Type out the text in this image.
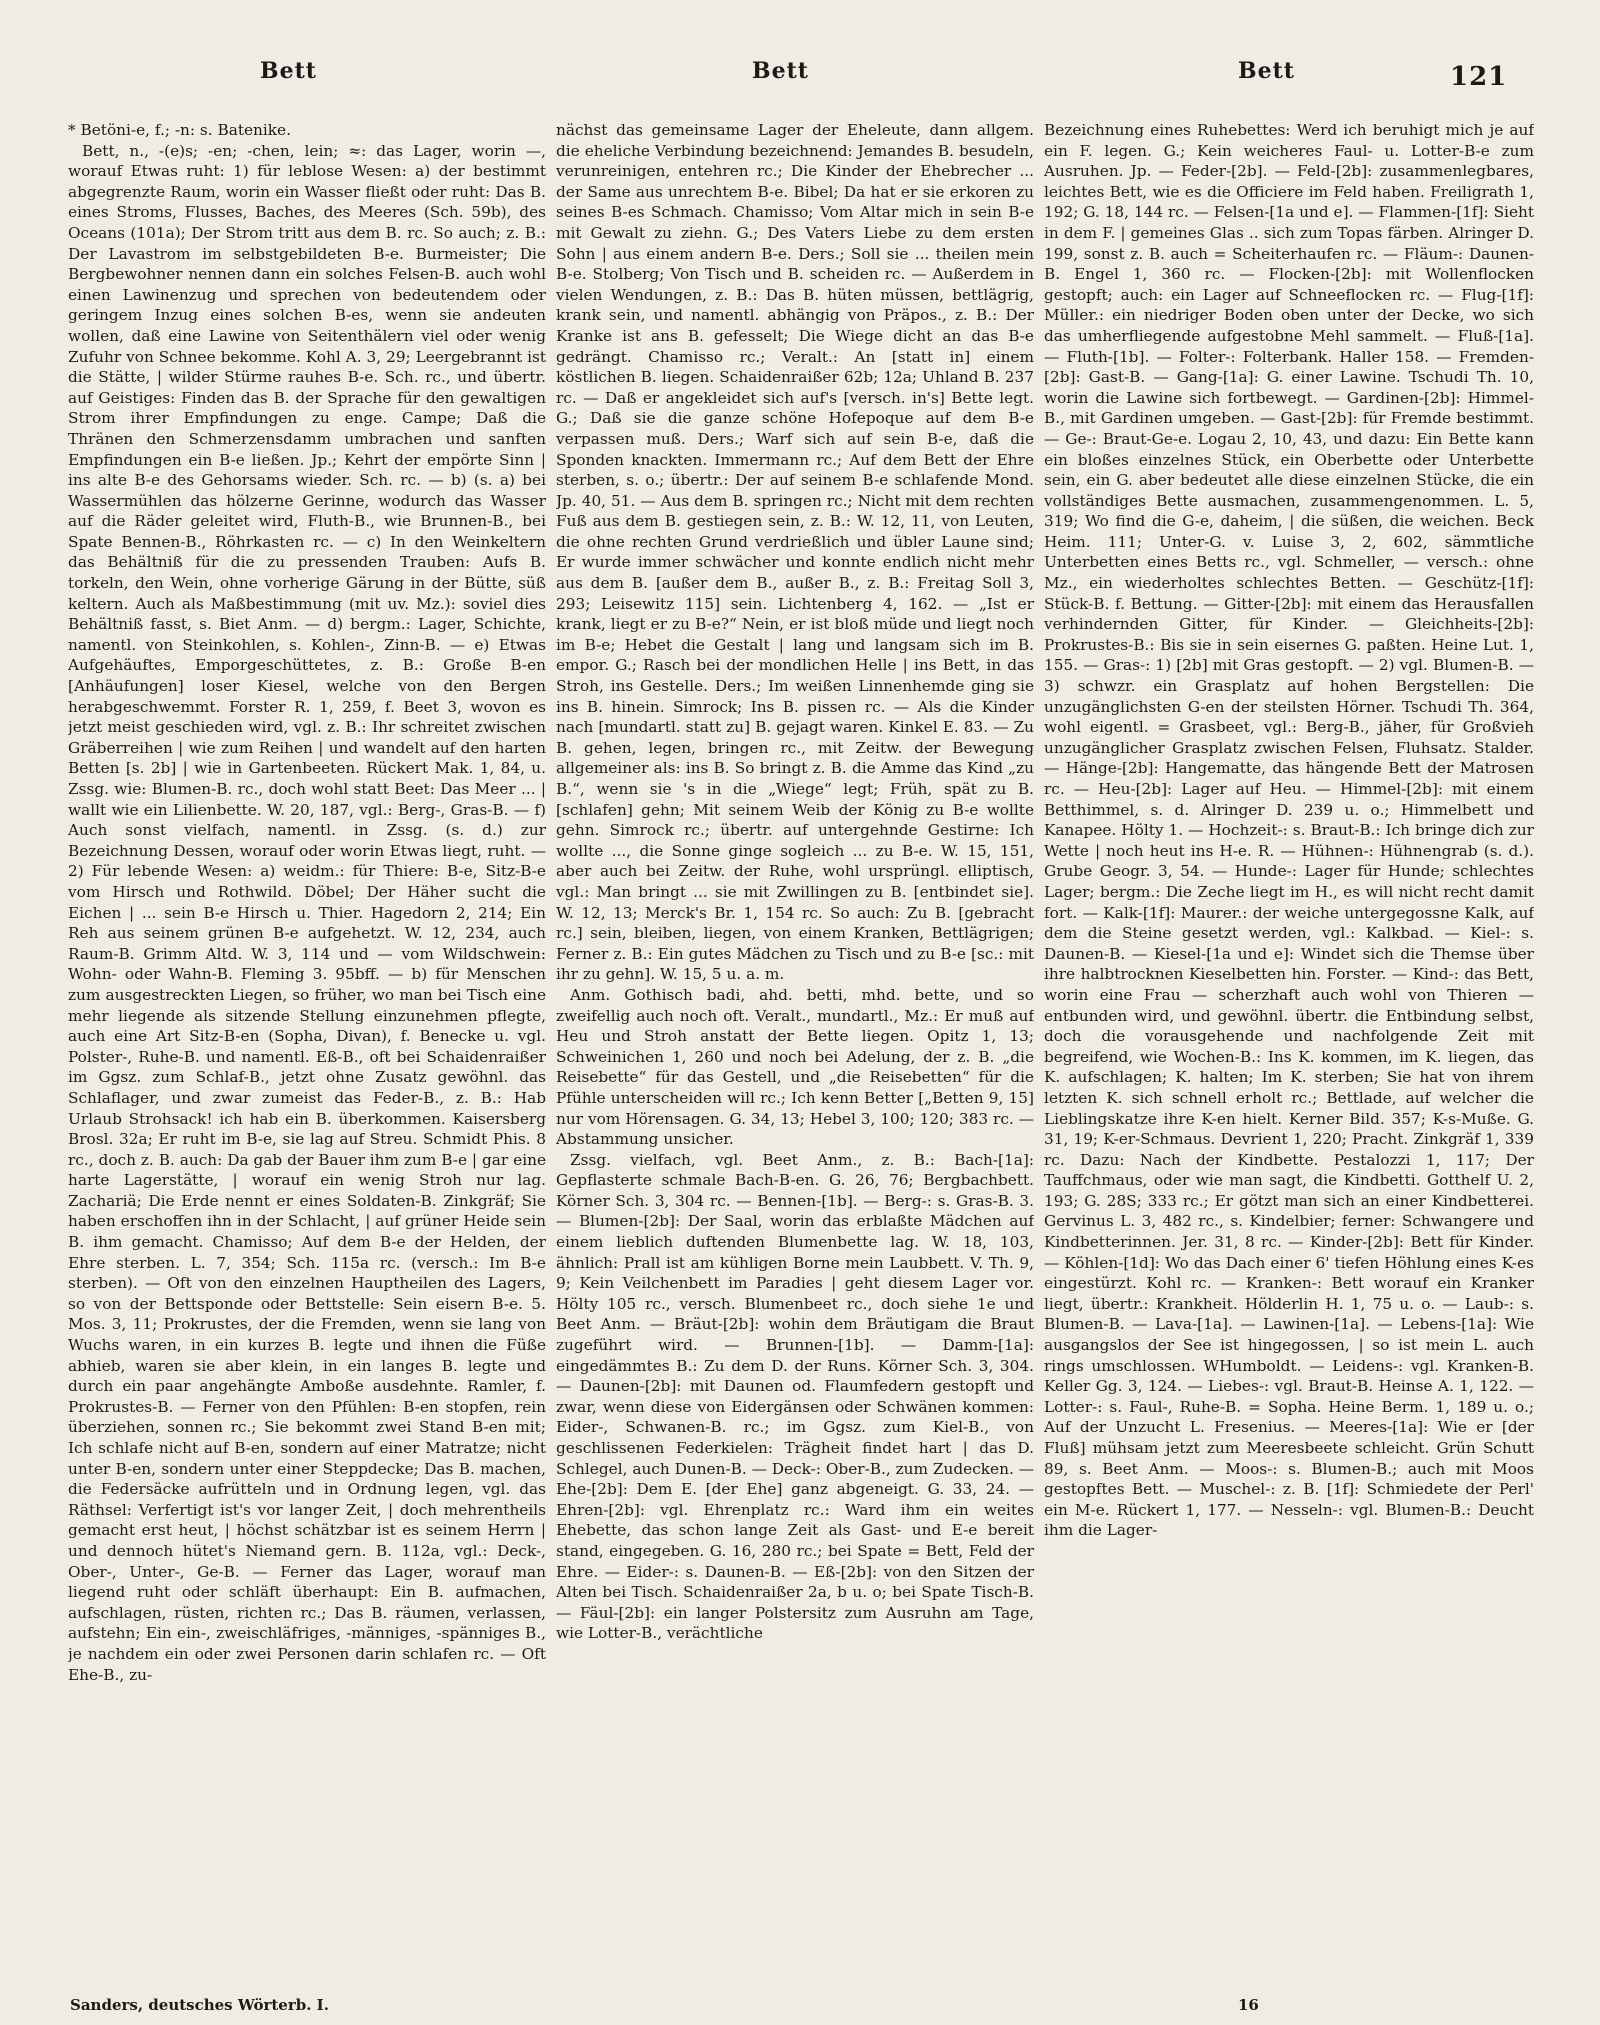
Bett	Bett	Bett	121

* Betöni-e, f.; -n: s. Batenike.

Bett, n., -(e)s; -en; -chen, lein; ≈: das Lager, worin —, worauf Etwas ruht: 1) für leblose Wesen: a) der bestimmt abgegrenzte Raum, worin ein Wasser fließt oder ruht: Das B. eines Stroms, Flusses, Baches, des Meeres (Sch. 59b), des Oceans (101a); Der Strom tritt aus dem B. rc. So auch; z. B.: Der Lavastrom im selbstgebildeten B-e. Burmeister; Die Bergbewohner nennen dann ein solches Felsen-B. auch wohl einen Lawinenzug und sprechen von bedeutendem oder geringem Inzug eines solchen B-es, wenn sie andeuten wollen, daß eine Lawine von Seitenthälern viel oder wenig Zufuhr von Schnee bekomme. Kohl A. 3, 29; Leergebrannt ist die Stätte, | wilder Stürme rauhes B-e. Sch. rc., und übertr. auf Geistiges: Finden das B. der Sprache für den gewaltigen Strom ihrer Empfindungen zu enge. Campe; Daß die Thränen den Schmerzensdamm umbrachen und sanften Empfindungen ein B-e ließen. Jp.; Kehrt der empörte Sinn | ins alte B-e des Gehorsams wieder. Sch. rc. — b) (s. a) bei Wassermühlen das hölzerne Gerinne, wodurch das Wasser auf die Räder geleitet wird, Fluth-B., wie Brunnen-B., bei Spate Bennen-B., Röhrkasten rc. — c) In den Weinkeltern das Behältniß für die zu pressenden Trauben: Aufs B. torkeln, den Wein, ohne vorherige Gärung in der Bütte, süß keltern. Auch als Maßbestimmung (mit uv. Mz.): soviel dies Behältniß fasst, s. Biet Anm. — d) bergm.: Lager, Schichte, namentl. von Steinkohlen, s. Kohlen-, Zinn-B. — e) Etwas Aufgehäuftes, Emporgeschüttetes, z. B.: Große B-en [Anhäufungen] loser Kiesel, welche von den Bergen herabgeschwemmt. Forster R. 1, 259, f. Beet 3, wovon es jetzt meist geschieden wird, vgl. z. B.: Ihr schreitet zwischen Gräberreihen | wie zum Reihen | und wandelt auf den harten Betten [s. 2b] | wie in Gartenbeeten. Rückert Mak. 1, 84, u. Zssg. wie: Blumen-B. rc., doch wohl statt Beet: Das Meer ... | wallt wie ein Lilienbette. W. 20, 187, vgl.: Berg-, Gras-B. — f) Auch sonst vielfach, namentl. in Zssg. (s. d.) zur Bezeichnung Dessen, worauf oder worin Etwas liegt, ruht. — 2) Für lebende Wesen: a) weidm.: für Thiere: B-e, Sitz-B-e vom Hirsch und Rothwild. Döbel; Der Häher sucht die Eichen | ... sein B-e Hirsch u. Thier. Hagedorn 2, 214; Ein Reh aus seinem grünen B-e aufgehetzt. W. 12, 234, auch Raum-B. Grimm Altd. W. 3, 114 und — vom Wildschwein: Wohn- oder Wahn-B. Fleming 3. 95bff. — b) für Menschen zum ausgestreckten Liegen, so früher, wo man bei Tisch eine mehr liegende als sitzende Stellung einzunehmen pflegte, auch eine Art Sitz-B-en (Sopha, Divan), f. Benecke u. vgl. Polster-, Ruhe-B. und namentl. Eß-B., oft bei Schaidenraißer im Ggsz. zum Schlaf-B., jetzt ohne Zusatz gewöhnl. das Schlaflager, und zwar zumeist das Feder-B., z. B.: Hab Urlaub Strohsack! ich hab ein B. überkommen. Kaisersberg Brosl. 32a; Er ruht im B-e, sie lag auf Streu. Schmidt Phis. 8 rc., doch z. B. auch: Da gab der Bauer ihm zum B-e | gar eine harte Lagerstätte, | worauf ein wenig Stroh nur lag. Zachariä; Die Erde nennt er eines Soldaten-B. Zinkgräf; Sie haben erschoffen ihn in der Schlacht, | auf grüner Heide sein B. ihm gemacht. Chamisso; Auf dem B-e der Helden, der Ehre sterben. L. 7, 354; Sch. 115a rc. (versch.: Im B-e sterben). — Oft von den einzelnen Hauptheilen des Lagers, so von der Bettsponde oder Bettstelle: Sein eisern B-e. 5. Mos. 3, 11; Prokrustes, der die Fremden, wenn sie lang von Wuchs waren, in ein kurzes B. legte und ihnen die Füße abhieb, waren sie aber klein, in ein langes B. legte und durch ein paar angehängte Amboße ausdehnte. Ramler, f. Prokrustes-B. — Ferner von den Pfühlen: B-en stopfen, rein überziehen, sonnen rc.; Sie bekommt zwei Stand B-en mit; Ich schlafe nicht auf B-en, sondern auf einer Matratze; nicht unter B-en, sondern unter einer Steppdecke; Das B. machen, die Federsäcke aufrütteln und in Ordnung legen, vgl. das Räthsel: Verfertigt ist's vor langer Zeit, | doch mehrentheils gemacht erst heut, | höchst schätzbar ist es seinem Herrn | und dennoch hütet's Niemand gern. B. 112a, vgl.: Deck-, Ober-, Unter-, Ge-B. — Ferner das Lager, worauf man liegend ruht oder schläft überhaupt: Ein B. aufmachen, aufschlagen, rüsten, richten rc.; Das B. räumen, verlassen, aufstehn; Ein ein-, zweischläfriges, -männiges, -spänniges B., je nachdem ein oder zwei Personen darin schlafen rc. — Oft Ehe-B., zu-

nächst das gemeinsame Lager der Eheleute, dann allgem. die eheliche Verbindung bezeichnend: Jemandes B. besudeln, verunreinigen, entehren rc.; Die Kinder der Ehebrecher ... der Same aus unrechtem B-e. Bibel; Da hat er sie erkoren zu seines B-es Schmach. Chamisso; Vom Altar mich in sein B-e mit Gewalt zu ziehn. G.; Des Vaters Liebe zu dem ersten Sohn | aus einem andern B-e. Ders.; Soll sie ... theilen mein B-e. Stolberg; Von Tisch und B. scheiden rc. — Außerdem in vielen Wendungen, z. B.: Das B. hüten müssen, bettlägrig, krank sein, und namentl. abhängig von Präpos., z. B.: Der Kranke ist ans B. gefesselt; Die Wiege dicht an das B-e gedrängt. Chamisso rc.; Veralt.: An [statt in] einem köstlichen B. liegen. Schaidenraißer 62b; 12a; Uhland B. 237 rc. — Daß er angekleidet sich auf's [versch. in's] Bette legt. G.; Daß sie die ganze schöne Hofepoque auf dem B-e verpassen muß. Ders.; Warf sich auf sein B-e, daß die Sponden knackten. Immermann rc.; Auf dem Bett der Ehre sterben, s. o.; übertr.: Der auf seinem B-e schlafende Mond. Jp. 40, 51. — Aus dem B. springen rc.; Nicht mit dem rechten Fuß aus dem B. gestiegen sein, z. B.: W. 12, 11, von Leuten, die ohne rechten Grund verdrießlich und übler Laune sind; Er wurde immer schwächer und konnte endlich nicht mehr aus dem B. [außer dem B., außer B., z. B.: Freitag Soll 3, 293; Leisewitz 115] sein. Lichtenberg 4, 162. — „Ist er krank, liegt er zu B-e?“ Nein, er ist bloß müde und liegt noch im B-e; Hebet die Gestalt | lang und langsam sich im B. empor. G.; Rasch bei der mondlichen Helle | ins Bett, in das Stroh, ins Gestelle. Ders.; Im weißen Linnenhemde ging sie ins B. hinein. Simrock; Ins B. pissen rc. — Als die Kinder nach [mundartl. statt zu] B. gejagt waren. Kinkel E. 83. — Zu B. gehen, legen, bringen rc., mit Zeitw. der Bewegung allgemeiner als: ins B. So bringt z. B. die Amme das Kind „zu B.“, wenn sie 's in die „Wiege“ legt; Früh, spät zu B. [schlafen] gehn; Mit seinem Weib der König zu B-e wollte gehn. Simrock rc.; übertr. auf untergehnde Gestirne: Ich wollte ..., die Sonne ginge sogleich ... zu B-e. W. 15, 151, aber auch bei Zeitw. der Ruhe, wohl ursprüngl. elliptisch, vgl.: Man bringt ... sie mit Zwillingen zu B. [entbindet sie]. W. 12, 13; Merck's Br. 1, 154 rc. So auch: Zu B. [gebracht rc.] sein, bleiben, liegen, von einem Kranken, Bettlägrigen; Ferner z. B.: Ein gutes Mädchen zu Tisch und zu B-e [sc.: mit ihr zu gehn]. W. 15, 5 u. a. m.

Anm. Gothisch badi, ahd. betti, mhd. bette, und so zweifellig auch noch oft. Veralt., mundartl., Mz.: Er muß auf Heu und Stroh anstatt der Bette liegen. Opitz 1, 13; Schweinichen 1, 260 und noch bei Adelung, der z. B. „die Reisebette“ für das Gestell, und „die Reisebetten“ für die Pfühle unterscheiden will rc.; Ich kenn Better [„Betten 9, 15] nur vom Hörensagen. G. 34, 13; Hebel 3, 100; 120; 383 rc. — Abstammung unsicher.

Zssg. vielfach, vgl. Beet Anm., z. B.: Bach-[1a]: Gepflasterte schmale Bach-B-en. G. 26, 76; Bergbachbett. Körner Sch. 3, 304 rc. — Bennen-[1b]. — Berg-: s. Gras-B. 3. — Blumen-[2b]: Der Saal, worin das erblaßte Mädchen auf einem lieblich duftenden Blumenbette lag. W. 18, 103, ähnlich: Prall ist am kühligen Borne mein Laubbett. V. Th. 9, 9; Kein Veilchenbett im Paradies | geht diesem Lager vor. Hölty 105 rc., versch. Blumenbeet rc., doch siehe 1e und Beet Anm. — Bräut-[2b]: wohin dem Bräutigam die Braut zugeführt wird. — Brunnen-[1b]. — Damm-[1a]: eingedämmtes B.: Zu dem D. der Runs. Körner Sch. 3, 304. — Daunen-[2b]: mit Daunen od. Flaumfedern gestopft und zwar, wenn diese von Eidergänsen oder Schwänen kommen: Eider-, Schwanen-B. rc.; im Ggsz. zum Kiel-B., von geschlissenen Federkielen: Trägheit findet hart | das D. Schlegel, auch Dunen-B. — Deck-: Ober-B., zum Zudecken. — Ehe-[2b]: Dem E. [der Ehe] ganz abgeneigt. G. 33, 24. — Ehren-[2b]: vgl. Ehrenplatz rc.: Ward ihm ein weites Ehebette, das schon lange Zeit als Gast- und E-e bereit stand, eingegeben. G. 16, 280 rc.; bei Spate = Bett, Feld der Ehre. — Eider-: s. Daunen-B. — Eß-[2b]: von den Sitzen der Alten bei Tisch. Schaidenraißer 2a, b u. o; bei Spate Tisch-B. — Fäul-[2b]: ein langer Polstersitz zum Ausruhn am Tage, wie Lotter-B., verächtliche

Bezeichnung eines Ruhebettes: Werd ich beruhigt mich je auf ein F. legen. G.; Kein weicheres Faul- u. Lotter-B-e zum Ausruhen. Jp. — Feder-[2b]. — Feld-[2b]: zusammenlegbares, leichtes Bett, wie es die Officiere im Feld haben. Freiligrath 1, 192; G. 18, 144 rc. — Felsen-[1a und e]. — Flammen-[1f]: Sieht in dem F. | gemeines Glas .. sich zum Topas färben. Alringer D. 199, sonst z. B. auch = Scheiterhaufen rc. — Fläum-: Daunen-B. Engel 1, 360 rc. — Flocken-[2b]: mit Wollenflocken gestopft; auch: ein Lager auf Schneeflocken rc. — Flug-[1f]: Müller.: ein niedriger Boden oben unter der Decke, wo sich das umherfliegende aufgestobne Mehl sammelt. — Fluß-[1a]. — Fluth-[1b]. — Folter-: Folterbank. Haller 158. — Fremden-[2b]: Gast-B. — Gang-[1a]: G. einer Lawine. Tschudi Th. 10, worin die Lawine sich fortbewegt. — Gardinen-[2b]: Himmel-B., mit Gardinen umgeben. — Gast-[2b]: für Fremde bestimmt. — Ge-: Braut-Ge-e. Logau 2, 10, 43, und dazu: Ein Bette kann ein bloßes einzelnes Stück, ein Oberbette oder Unterbette sein, ein G. aber bedeutet alle diese einzelnen Stücke, die ein vollständiges Bette ausmachen, zusammengenommen. L. 5, 319; Wo find die G-e, daheim, | die süßen, die weichen. Beck Heim. 111; Unter-G. v. Luise 3, 2, 602, sämmtliche Unterbetten eines Betts rc., vgl. Schmeller, — versch.: ohne Mz., ein wiederholtes schlechtes Betten. — Geschütz-[1f]: Stück-B. f. Bettung. — Gitter-[2b]: mit einem das Herausfallen verhindernden Gitter, für Kinder. — Gleichheits-[2b]: Prokrustes-B.: Bis sie in sein eisernes G. paßten. Heine Lut. 1, 155. — Gras-: 1) [2b] mit Gras gestopft. — 2) vgl. Blumen-B. — 3) schwzr. ein Grasplatz auf hohen Bergstellen: Die unzugänglichsten G-en der steilsten Hörner. Tschudi Th. 364, wohl eigentl. = Grasbeet, vgl.: Berg-B., jäher, für Großvieh unzugänglicher Grasplatz zwischen Felsen, Fluhsatz. Stalder. — Hänge-[2b]: Hangematte, das hängende Bett der Matrosen rc. — Heu-[2b]: Lager auf Heu. — Himmel-[2b]: mit einem Betthimmel, s. d. Alringer D. 239 u. o.; Himmelbett und Kanapee. Hölty 1. — Hochzeit-: s. Braut-B.: Ich bringe dich zur Wette | noch heut ins H-e. R. — Hühnen-: Hühnengrab (s. d.). Grube Geogr. 3, 54. — Hunde-: Lager für Hunde; schlechtes Lager; bergm.: Die Zeche liegt im H., es will nicht recht damit fort. — Kalk-[1f]: Maurer.: der weiche untergegossne Kalk, auf dem die Steine gesetzt werden, vgl.: Kalkbad. — Kiel-: s. Daunen-B. — Kiesel-[1a und e]: Windet sich die Themse über ihre halbtrocknen Kieselbetten hin. Forster. — Kind-: das Bett, worin eine Frau — scherzhaft auch wohl von Thieren — entbunden wird, und gewöhnl. übertr. die Entbindung selbst, doch die vorausgehende und nachfolgende Zeit mit begreifend, wie Wochen-B.: Ins K. kommen, im K. liegen, das K. aufschlagen; K. halten; Im K. sterben; Sie hat von ihrem letzten K. sich schnell erholt rc.; Bettlade, auf welcher die Lieblingskatze ihre K-en hielt. Kerner Bild. 357; K-s-Muße. G. 31, 19; K-er-Schmaus. Devrient 1, 220; Pracht. Zinkgräf 1, 339 rc. Dazu: Nach der Kindbette. Pestalozzi 1, 117; Der Tauffchmaus, oder wie man sagt, die Kindbetti. Gotthelf U. 2, 193; G. 28S; 333 rc.; Er götzt man sich an einer Kindbetterei. Gervinus L. 3, 482 rc., s. Kindelbier; ferner: Schwangere und Kindbetterinnen. Jer. 31, 8 rc. — Kinder-[2b]: Bett für Kinder. — Köhlen-[1d]: Wo das Dach einer 6' tiefen Höhlung eines K-es eingestürzt. Kohl rc. — Kranken-: Bett worauf ein Kranker liegt, übertr.: Krankheit. Hölderlin H. 1, 75 u. o. — Laub-: s. Blumen-B. — Lava-[1a]. — Lawinen-[1a]. — Lebens-[1a]: Wie ausgangslos der See ist hingegossen, | so ist mein L. auch rings umschlossen. WHumboldt. — Leidens-: vgl. Kranken-B. Keller Gg. 3, 124. — Liebes-: vgl. Braut-B. Heinse A. 1, 122. — Lotter-: s. Faul-, Ruhe-B. = Sopha. Heine Berm. 1, 189 u. o.; Auf der Unzucht L. Fresenius. — Meeres-[1a]: Wie er [der Fluß] mühsam jetzt zum Meeresbeete schleicht. Grün Schutt 89, s. Beet Anm. — Moos-: s. Blumen-B.; auch mit Moos gestopftes Bett. — Muschel-: z. B. [1f]: Schmiedete der Perl' ein M-e. Rückert 1, 177. — Nesseln-: vgl. Blumen-B.: Deucht ihm die Lager-

Sanders, deutsches Wörterb. I.	16
